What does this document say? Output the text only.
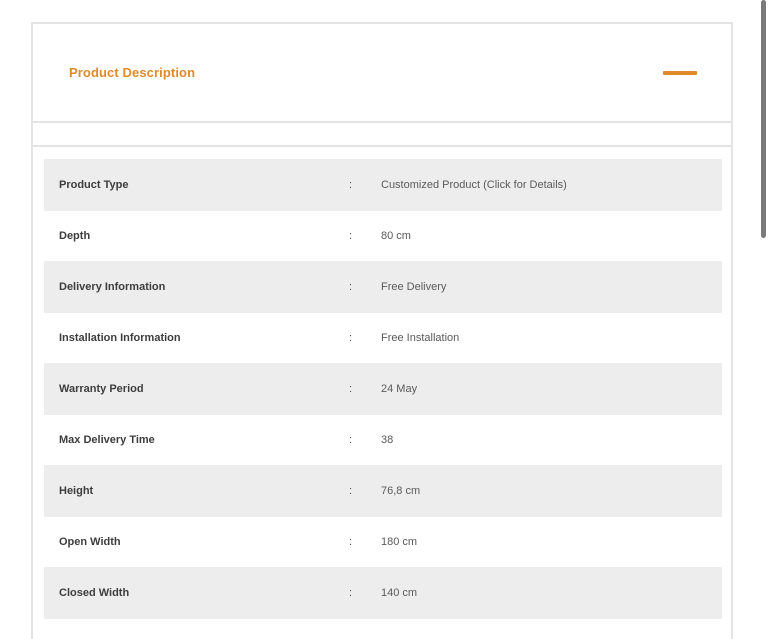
Product Description
Product Type	:	Customized Product (Click for Details)
Depth	:	80 cm
Delivery Information	:	Free Delivery
Installation Information	:	Free Installation
Warranty Period	:	24 May
Max Delivery Time	:	38
Height	:	76,8 cm
Open Width	:	180 cm
Closed Width	:	140 cm
